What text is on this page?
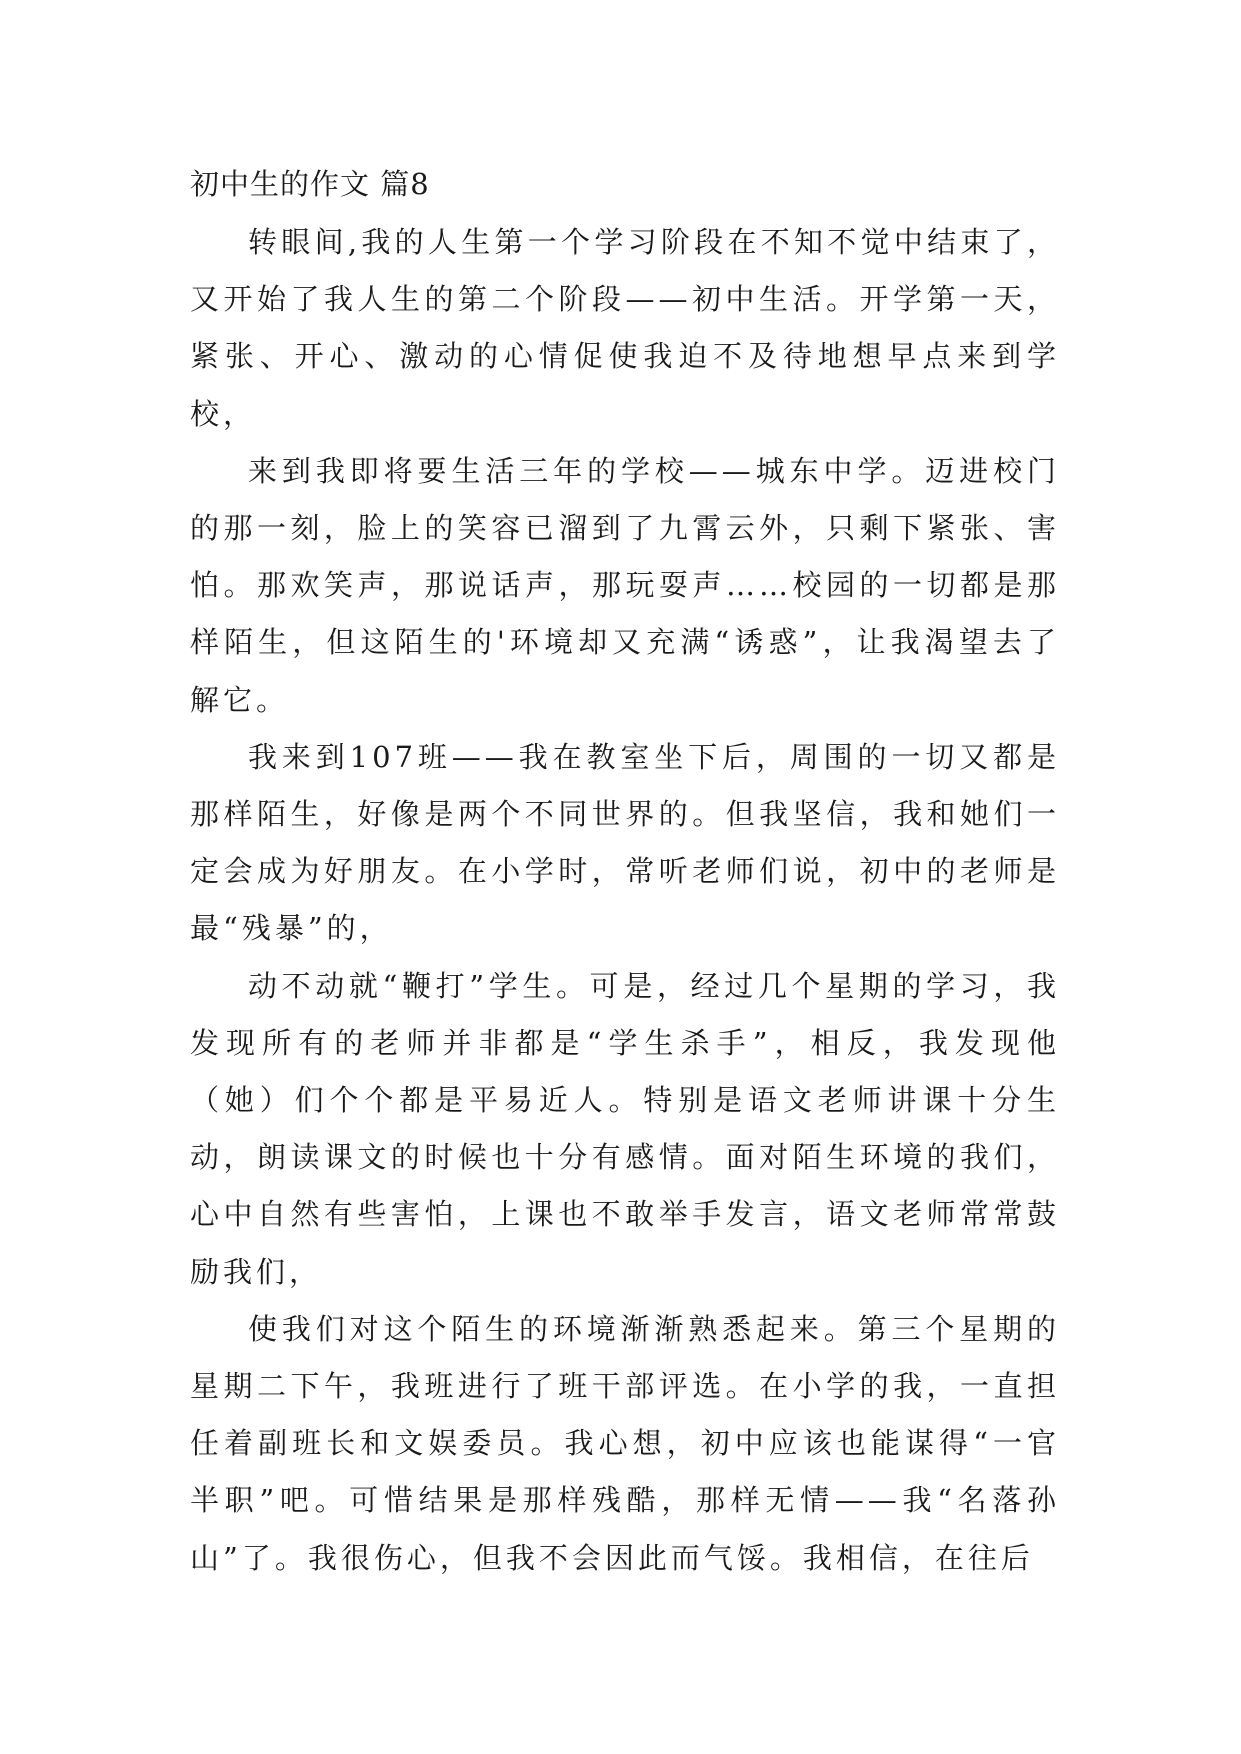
初中生的作文 篇8

转眼间,我的人生第一个学习阶段在不知不觉中结束了，又开始了我人生的第二个阶段——初中生活。开学第一天，紧张、开心、激动的心情促使我迫不及待地想早点来到学校，

来到我即将要生活三年的学校——城东中学。迈进校门的那一刻，脸上的笑容已溜到了九霄云外，只剩下紧张、害怕。那欢笑声，那说话声，那玩耍声……校园的一切都是那样陌生，但这陌生的'环境却又充满“诱惑”，让我渴望去了解它。

我来到107班——我在教室坐下后，周围的一切又都是那样陌生，好像是两个不同世界的。但我坚信，我和她们一定会成为好朋友。在小学时，常听老师们说，初中的老师是最“残暴”的，

动不动就“鞭打”学生。可是，经过几个星期的学习，我发现所有的老师并非都是“学生杀手”，相反，我发现他（她）们个个都是平易近人。特别是语文老师讲课十分生动，朗读课文的时候也十分有感情。面对陌生环境的我们，心中自然有些害怕，上课也不敢举手发言，语文老师常常鼓励我们，

使我们对这个陌生的环境渐渐熟悉起来。第三个星期的星期二下午，我班进行了班干部评选。在小学的我，一直担任着副班长和文娱委员。我心想，初中应该也能谋得“一官半职”吧。可惜结果是那样残酷，那样无情——我“名落孙山”了。我很伤心，但我不会因此而气馁。我相信，在往后
